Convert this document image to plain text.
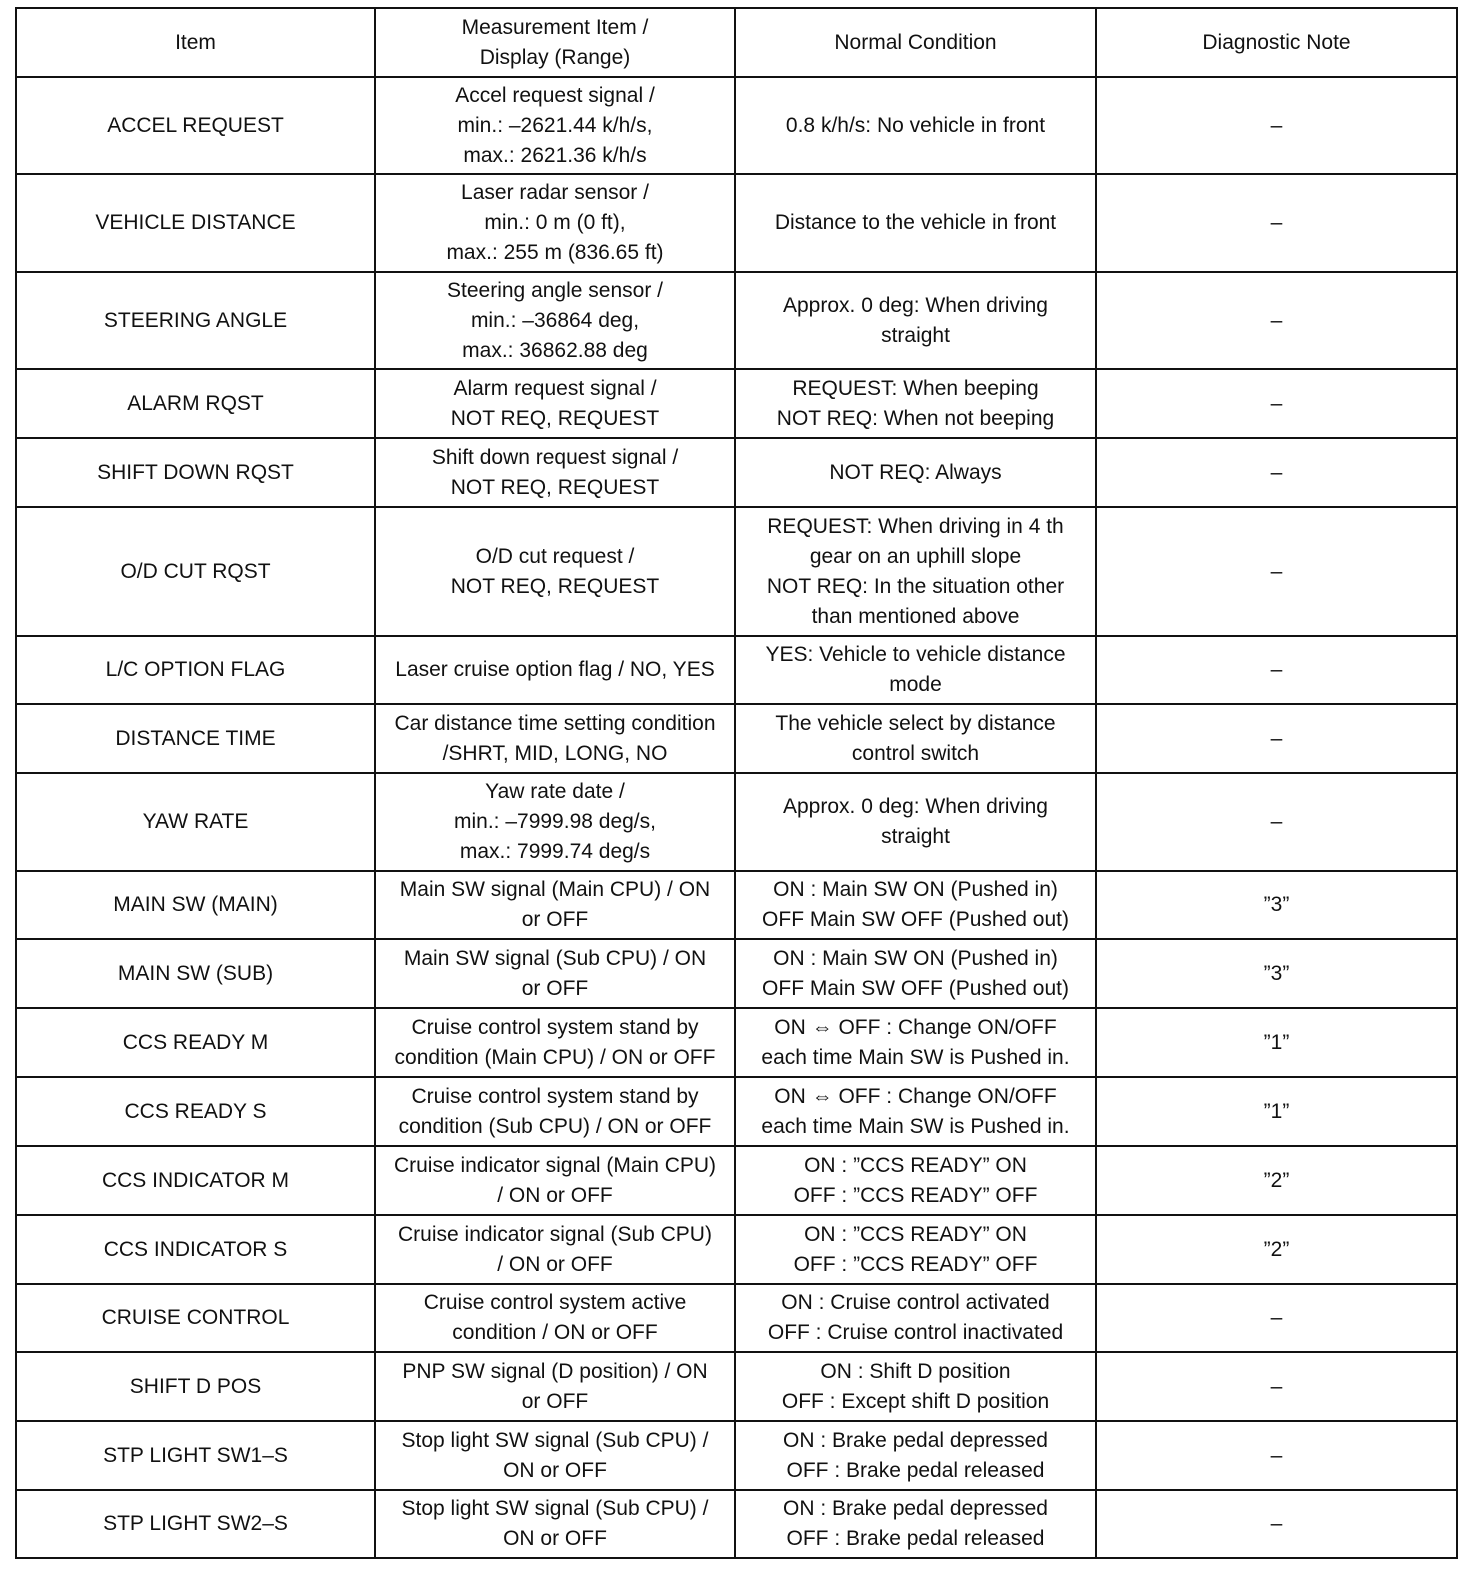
Item	Measurement Item /
Display (Range)	Normal Condition	Diagnostic Note
ACCEL REQUEST	Accel request signal /
min.: –2621.44 k/h/s,
max.: 2621.36 k/h/s	0.8 k/h/s: No vehicle in front	–
VEHICLE DISTANCE	Laser radar sensor /
min.: 0 m (0 ft),
max.: 255 m (836.65 ft)	Distance to the vehicle in front	–
STEERING ANGLE	Steering angle sensor /
min.: –36864 deg,
max.: 36862.88 deg	Approx. 0 deg: When driving
straight	–
ALARM RQST	Alarm request signal /
NOT REQ, REQUEST	REQUEST: When beeping
NOT REQ: When not beeping	–
SHIFT DOWN RQST	Shift down request signal /
NOT REQ, REQUEST	NOT REQ: Always	–
O/D CUT RQST	O/D cut request /
NOT REQ, REQUEST	REQUEST: When driving in 4 th
gear on an uphill slope
NOT REQ: In the situation other
than mentioned above	–
L/C OPTION FLAG	Laser cruise option flag / NO, YES	YES: Vehicle to vehicle distance
mode	–
DISTANCE TIME	Car distance time setting condition
/SHRT, MID, LONG, NO	The vehicle select by distance
control switch	–
YAW RATE	Yaw rate date /
min.: –7999.98 deg/s,
max.: 7999.74 deg/s	Approx. 0 deg: When driving
straight	–
MAIN SW (MAIN)	Main SW signal (Main CPU) / ON
or OFF	ON : Main SW ON (Pushed in)
OFF Main SW OFF (Pushed out)	”3”
MAIN SW (SUB)	Main SW signal (Sub CPU) / ON
or OFF	ON : Main SW ON (Pushed in)
OFF Main SW OFF (Pushed out)	”3”
CCS READY M	Cruise control system stand by
condition (Main CPU) / ON or OFF	ON ⇔ OFF : Change ON/OFF
each time Main SW is Pushed in.	”1”
CCS READY S	Cruise control system stand by
condition (Sub CPU) / ON or OFF	ON ⇔ OFF : Change ON/OFF
each time Main SW is Pushed in.	”1”
CCS INDICATOR M	Cruise indicator signal (Main CPU)
/ ON or OFF	ON : ”CCS READY” ON
OFF : ”CCS READY” OFF	”2”
CCS INDICATOR S	Cruise indicator signal (Sub CPU)
/ ON or OFF	ON : ”CCS READY” ON
OFF : ”CCS READY” OFF	”2”
CRUISE CONTROL	Cruise control system active
condition / ON or OFF	ON : Cruise control activated
OFF : Cruise control inactivated	–
SHIFT D POS	PNP SW signal (D position) / ON
or OFF	ON : Shift D position
OFF : Except shift D position	–
STP LIGHT SW1–S	Stop light SW signal (Sub CPU) /
ON or OFF	ON : Brake pedal depressed
OFF : Brake pedal released	–
STP LIGHT SW2–S	Stop light SW signal (Sub CPU) /
ON or OFF	ON : Brake pedal depressed
OFF : Brake pedal released	–
